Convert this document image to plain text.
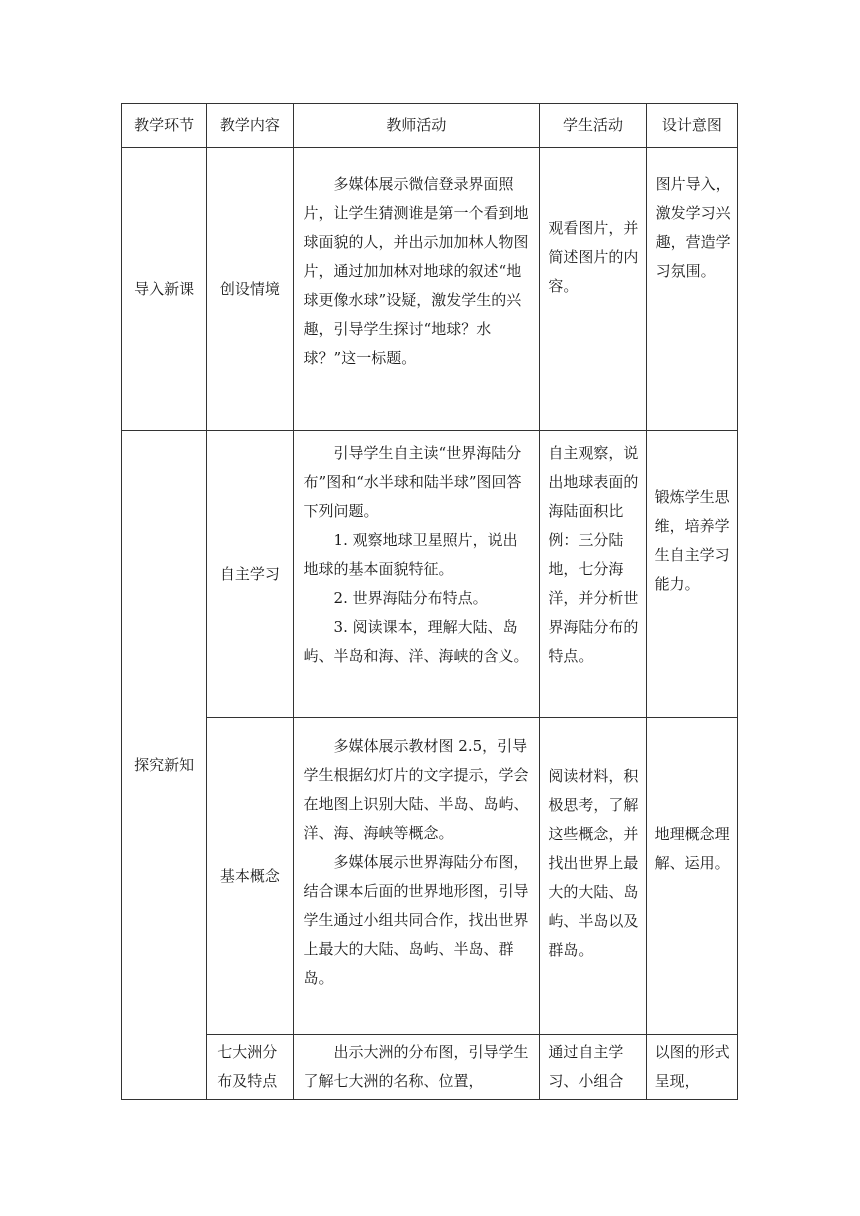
教学环节	教学内容	教师活动	学生活动	设计意图
导入新课	创设情境	多媒体展示微信登录界面照片，让学生猜测谁是第一个看到地球面貌的人，并出示加加林人物图片，通过加加林对地球的叙述“地球更像水球”设疑，激发学生的兴趣，引导学生探讨“地球？水球？”这一标题。	观看图片，并简述图片的内容。	图片导入，激发学习兴趣，营造学习氛围。

探究新知	自主学习	引导学生自主读“世界海陆分布”图和“水半球和陆半球”图回答下列问题。

1. 观察地球卫星照片，说出地球的基本面貌特征。

2. 世界海陆分布特点。

3. 阅读课本，理解大陆、岛屿、半岛和海、洋、海峡的含义。	自主观察，说出地球表面的海陆面积比例：三分陆地，七分海洋，并分析世界海陆分布的特点。	锻炼学生思维，培养学生自主学习能力。

	基本概念	多媒体展示教材图 2.5，引导学生根据幻灯片的文字提示，学会在地图上识别大陆、半岛、岛屿、洋、海、海峡等概念。

多媒体展示世界海陆分布图，结合课本后面的世界地形图，引导学生通过小组共同合作，找出世界上最大的大陆、岛屿、半岛、群岛。	阅读材料，积极思考，了解这些概念，并找出世界上最大的大陆、岛屿、半岛以及群岛。	地理概念理解、运用。

	七大洲分布及特点	出示大洲的分布图，引导学生了解七大洲的名称、位置，	通过自主学习、小组合	以图的形式呈现，
